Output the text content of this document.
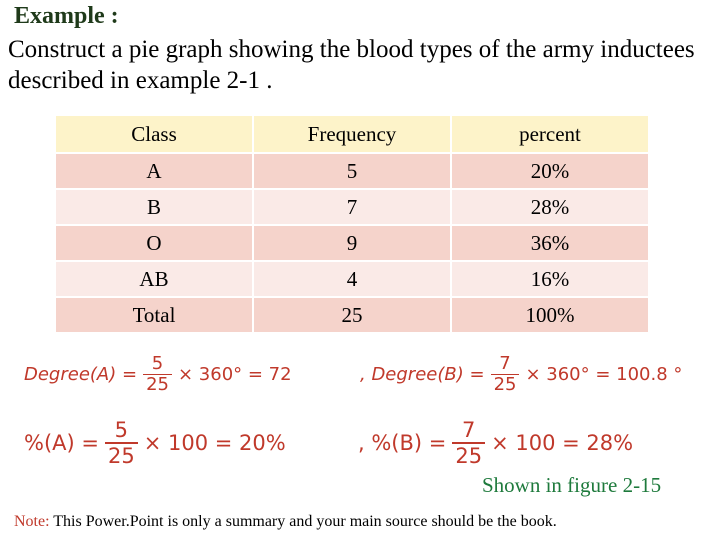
Example :
Construct a pie graph showing the blood types of the army inductees described in example 2-1 .
Class	Frequency	percent
A	5	20%
B	7	28%
O	9	36%
AB	4	16%
Total	25	100%
Degree(A) = $\frac{5}{25} \times 360^\circ = 72$	, Degree(B) = $\frac{7}{25} \times 360^\circ = 100.8$ °
$\%(A) = \frac{5}{25} \times 100 = 20\%$	, $\%(B) = \frac{7}{25} \times 100 = 28\%$
Shown in figure 2-15
Note: This Power.Point is only a summary and your main source should be the book.
